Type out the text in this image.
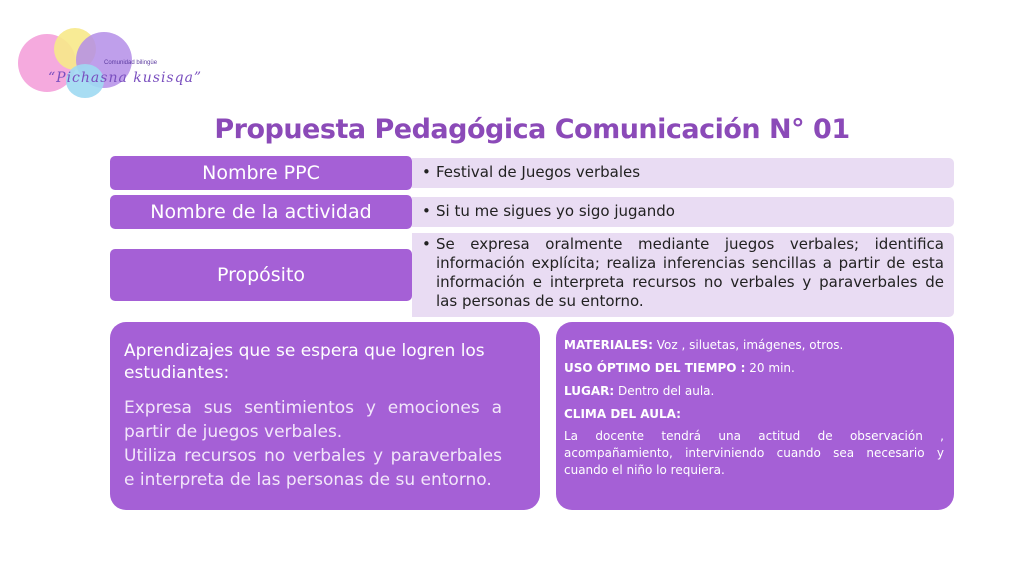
Comunidad bilingüe
“Pichasna kusisqa”
Propuesta Pedagógica Comunicación N° 01
Nombre PPC	• Festival de Juegos verbales
Nombre de la actividad	• Si tu me sigues yo sigo jugando
Propósito
• Se expresa oralmente mediante juegos verbales; identifica información explícita; realiza inferencias sencillas a partir de esta información e interpreta recursos no verbales y paraverbales de las personas de su entorno.
Aprendizajes que se espera que logren los estudiantes:
Expresa sus sentimientos y emociones a partir de juegos verbales.
Utiliza recursos no verbales y paraverbales e interpreta de las personas de su entorno.
MATERIALES: Voz , siluetas, imágenes, otros.
USO ÓPTIMO DEL TIEMPO : 20 min.
LUGAR: Dentro del aula.
CLIMA DEL AULA:
La docente tendrá una actitud de observación , acompañamiento, interviniendo cuando sea necesario y cuando el niño lo requiera.
